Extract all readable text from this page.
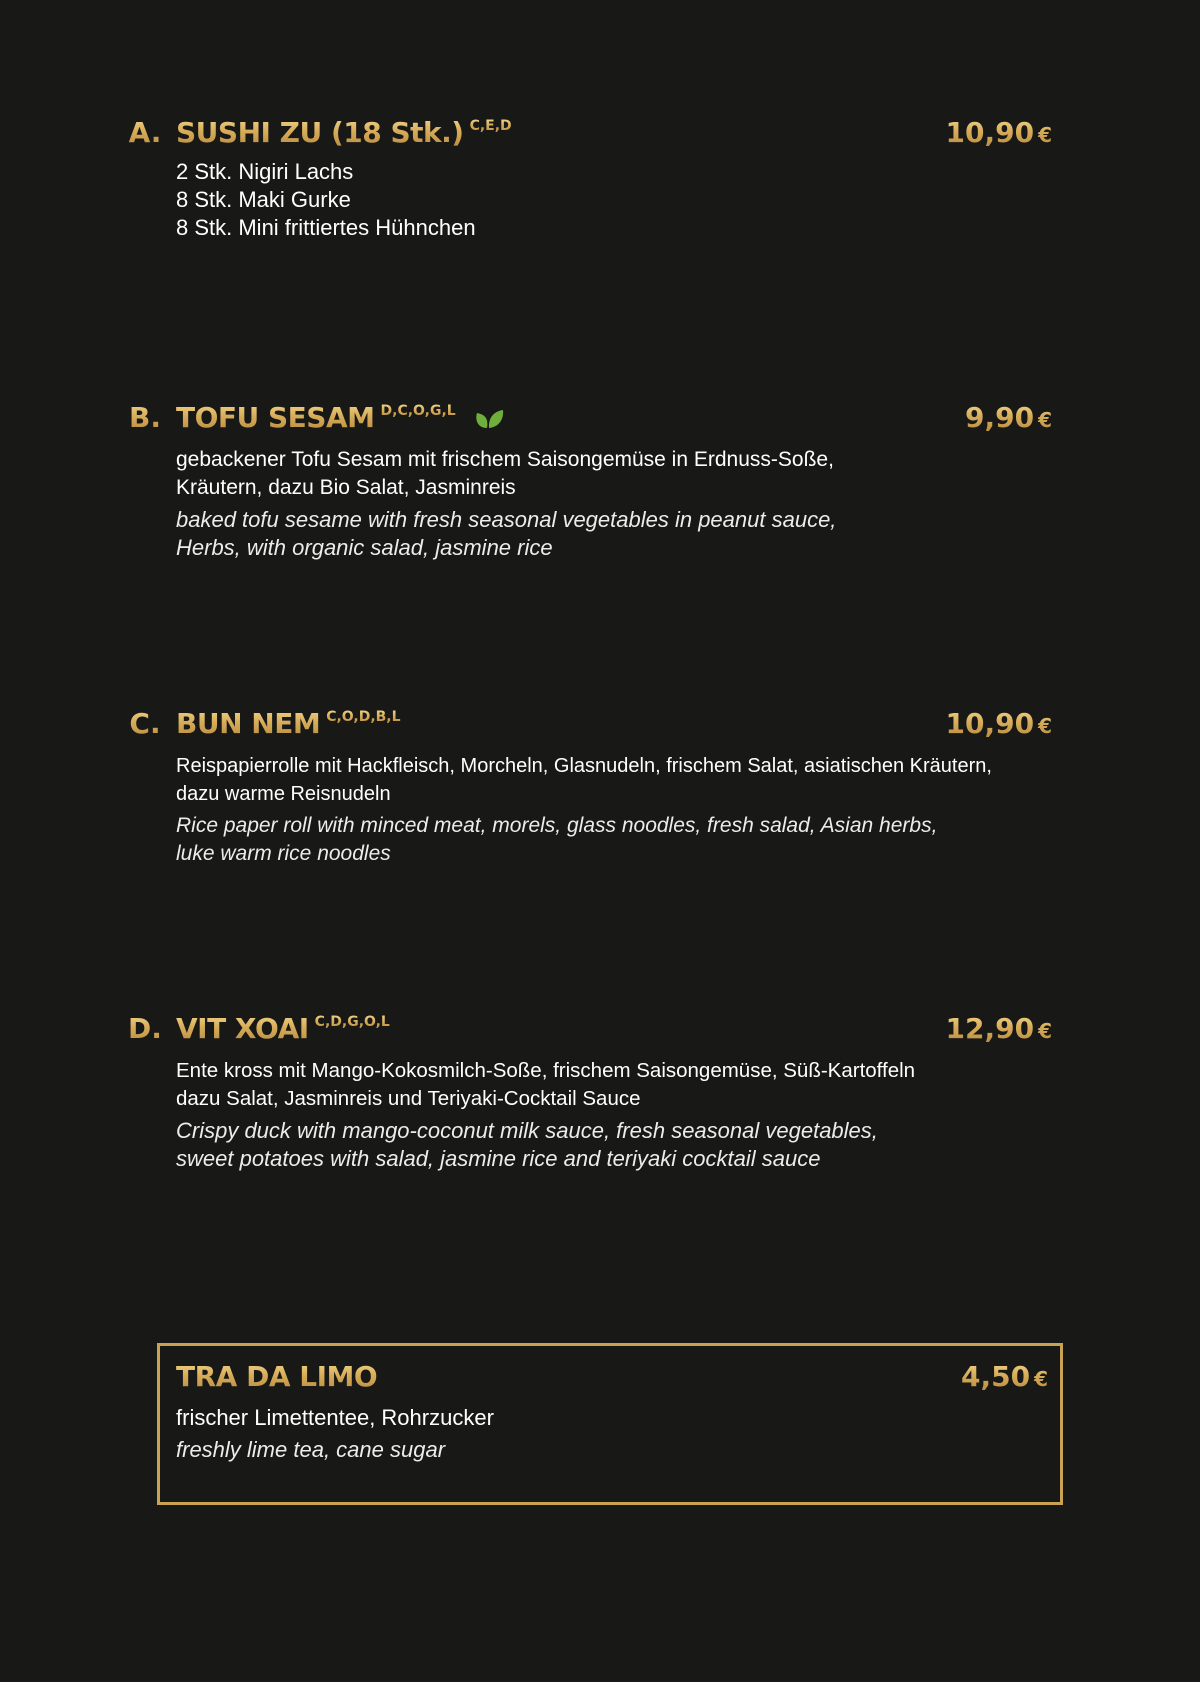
A. SUSHI ZU (18 Stk.) C,E,D	10,90 €
2 Stk. Nigiri Lachs
8 Stk. Maki Gurke
8 Stk. Mini frittiertes Hühnchen
B. TOFU SESAM D,C,O,G,L	9,90 €
gebackener Tofu Sesam mit frischem Saisongemüse in Erdnuss-Soße,
Kräutern, dazu Bio Salat, Jasminreis
baked tofu sesame with fresh seasonal vegetables in peanut sauce,
Herbs, with organic salad, jasmine rice
C. BUN NEM C,O,D,B,L	10,90 €
Reispapierrolle mit Hackfleisch, Morcheln, Glasnudeln, frischem Salat, asiatischen Kräutern,
dazu warme Reisnudeln
Rice paper roll with minced meat, morels, glass noodles, fresh salad, Asian herbs,
luke warm rice noodles
D. VIT XOAI C,D,G,O,L	12,90 €
Ente kross mit Mango-Kokosmilch-Soße, frischem Saisongemüse, Süß-Kartoffeln
dazu Salat, Jasminreis und Teriyaki-Cocktail Sauce
Crispy duck with mango-coconut milk sauce, fresh seasonal vegetables,
sweet potatoes with salad, jasmine rice and teriyaki cocktail sauce
TRA DA LIMO	4,50 €
frischer Limettentee, Rohrzucker
freshly lime tea, cane sugar
